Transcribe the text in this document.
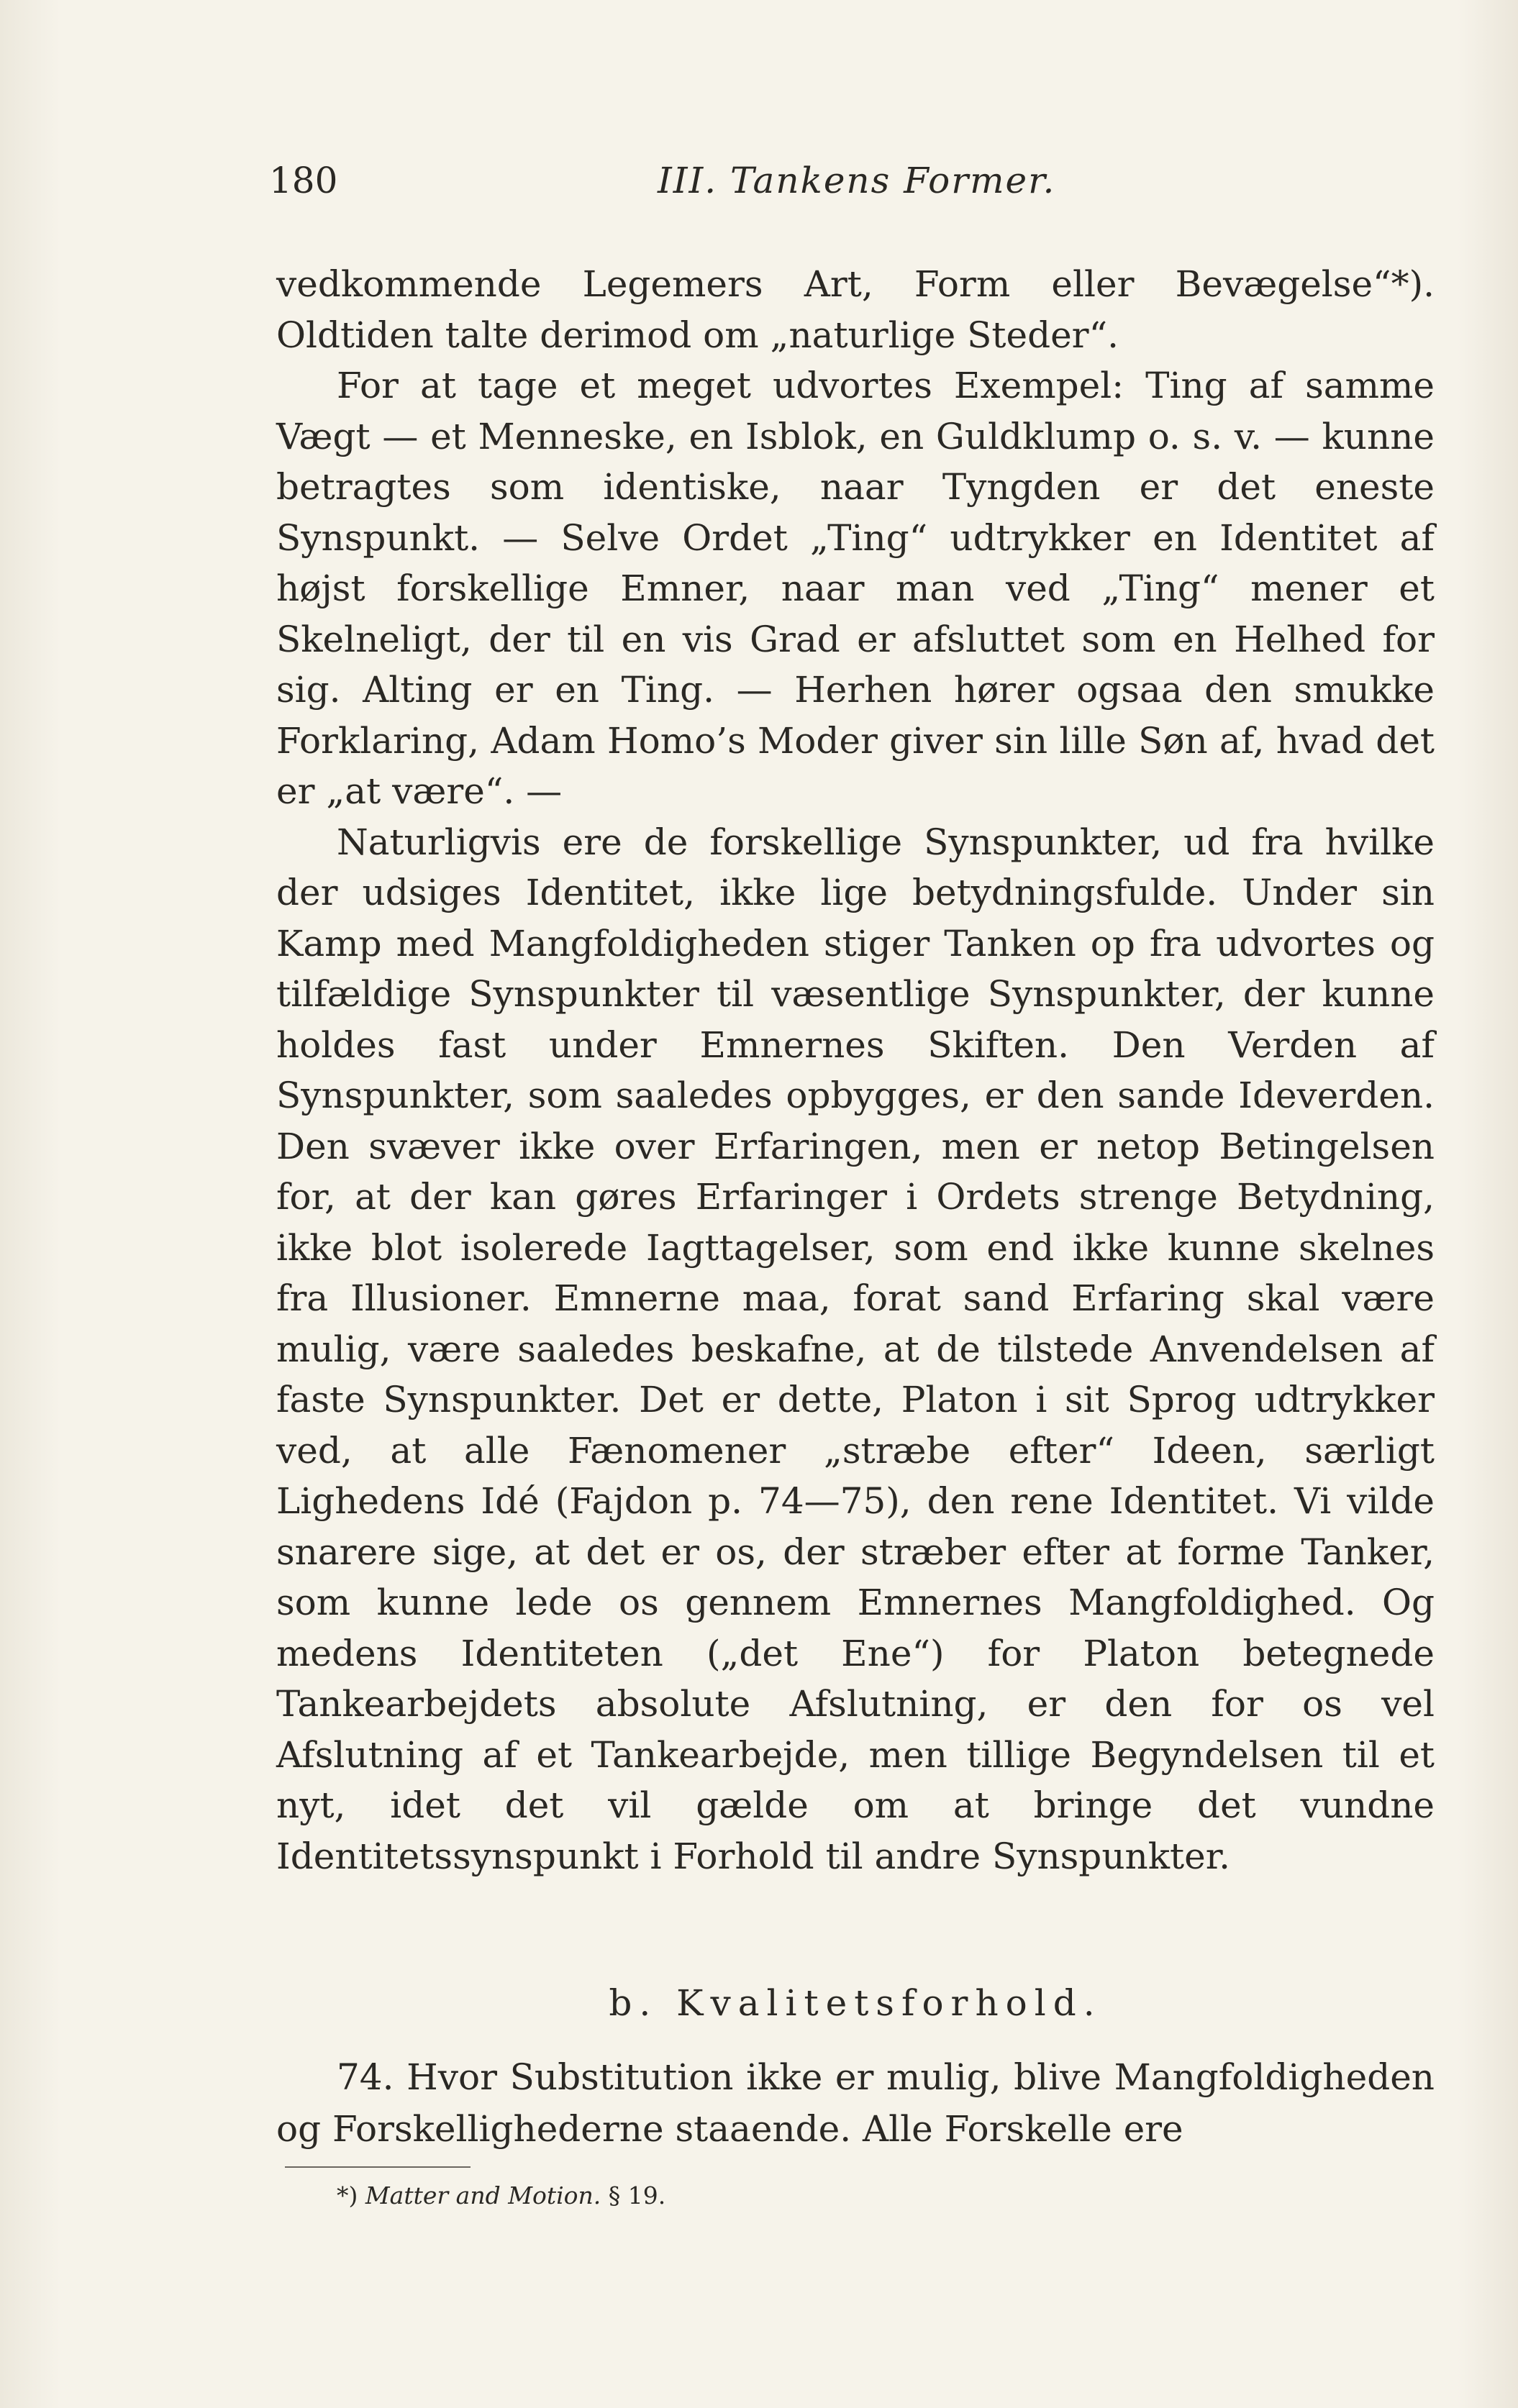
180	III. Tankens Former.

vedkommende Legemers Art, Form eller Bevægelse“*). Oldtiden talte derimod om „naturlige Steder“.

For at tage et meget udvortes Exempel: Ting af samme Vægt — et Menneske, en Isblok, en Guldklump o. s. v. — kunne betragtes som identiske, naar Tyngden er det eneste Synspunkt. — Selve Ordet „Ting“ udtrykker en Identitet af højst forskellige Emner, naar man ved „Ting“ mener et Skelneligt, der til en vis Grad er afsluttet som en Helhed for sig. Alting er en Ting. — Herhen hører ogsaa den smukke Forklaring, Adam Homo’s Moder giver sin lille Søn af, hvad det er „at være“. —

Naturligvis ere de forskellige Synspunkter, ud fra hvilke der udsiges Identitet, ikke lige betydningsfulde. Under sin Kamp med Mangfoldigheden stiger Tanken op fra udvortes og tilfældige Synspunkter til væsentlige Synspunkter, der kunne holdes fast under Emnernes Skiften. Den Verden af Synspunkter, som saaledes opbygges, er den sande Ideverden. Den svæver ikke over Erfaringen, men er netop Betingelsen for, at der kan gøres Erfaringer i Ordets strenge Betydning, ikke blot isolerede Iagttagelser, som end ikke kunne skelnes fra Illusioner. Emnerne maa, forat sand Erfaring skal være mulig, være saaledes beskafne, at de tilstede Anvendelsen af faste Synspunkter. Det er dette, Platon i sit Sprog udtrykker ved, at alle Fænomener „stræbe efter“ Ideen, særligt Lighedens Idé (Fajdon p. 74—75), den rene Identitet. Vi vilde snarere sige, at det er os, der stræber efter at forme Tanker, som kunne lede os gennem Emnernes Mangfoldighed. Og medens Identiteten („det Ene“) for Platon betegnede Tankearbejdets absolute Afslutning, er den for os vel Afslutning af et Tankearbejde, men tillige Begyndelsen til et nyt, idet det vil gælde om at bringe det vundne Identitetssynspunkt i Forhold til andre Synspunkter.

b. Kvalitetsforhold.

74. Hvor Substitution ikke er mulig, blive Mangfoldigheden og Forskellighederne staaende. Alle Forskelle ere

*) Matter and Motion. § 19.
